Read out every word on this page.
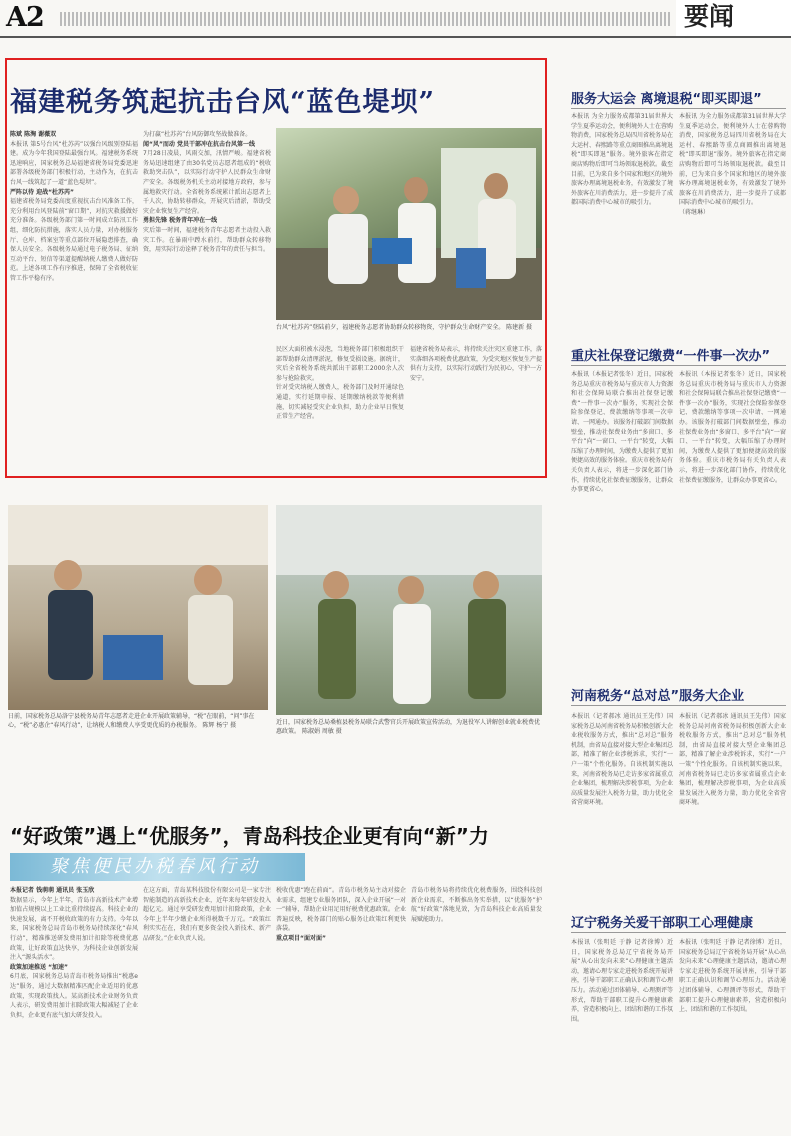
A2	要闻
福建税务筑起抗击台风“蓝色堤坝”
陈斌 陈淘 谢薇双
本报讯 第5号台风“杜苏芮”以强台风级别登陆福建。成为今年我国登陆最强台风。福建税务系统迅速响应，国家税务总局福建省税务局党委迅速部署各级税务部门积极行动，主动作为，在抗击台风一线筑起了一道“蓝色堤坝”。
严阵以待 迎战“杜苏芮”
福建省税务局党委高度重视抗击台风准备工作，充分利用台风登陆前“窗口期”，对抗灾救援做好充分准备。各级税务部门第一时间成立防汛工作组，细化防抗措施，落实人员力量，对办税服务厅、仓库、档案室等重点部位开展隐患排查，确保人员安全。各级税务局通过电子税务局、征纳互动平台、短信等渠道提醒纳税人缴费人做好防范。上述各项工作有序推进，保障了全省税收征管工作平稳有序。
为打赢“杜苏芮”台风防御攻坚战做准备。
闻“风”而动 党员干部冲在抗击台风第一线
7月28日凌晨，风雨交加，汛情严峻。福建省税务局迅速组建了由30名党员志愿者组成的“税收救助突击队”，以实际行动守护人民群众生命财产安全。各级税务机关主动对接地方政府，参与属地救灾行动。全省税务系统累计派出志愿者上千人次，协助转移群众，开展灾后清淤，帮助受灾企业恢复生产经营。
勇担先锋 税务青年冲在一线
灾后第一时间，福建税务青年志愿者主动投入救灾工作。在暴雨中蹚水前行，帮助群众转移物资，用实际行动诠释了税务青年的责任与担当。
台风“杜苏芮”登陆前夕，福建税务志愿者协助群众转移物资，守护群众生命财产安全。 陈建新 摄
民区大面积被水浸泡，当地税务部门积极组织干部帮助群众清理淤泥，修复受损设施。据统计，灾后全省税务系统共派出干部职工2000余人次参与抢险救灾。
针对受灾纳税人缴费人，税务部门及时开通绿色通道，实行延期申报、延期缴纳税款等便利措施，切实减轻受灾企业负担，助力企业早日恢复正常生产经营。
福建省税务局表示，将持续关注灾区重建工作，落实落细各项税费优惠政策，为受灾地区恢复生产提供有力支持，以实际行动践行为民初心，守护一方安宁。
服务大运会 离境退税“即买即退”
本报讯 为全力服务成都第31届世界大学生夏季运动会，便利境外人士在蓉购物消费，国家税务总局四川省税务局在大运村、春熙路等重点商圈推出离境退税“即买即退”服务。境外旅客在指定商店购物后即可当场领取退税款。截至目前，已为来自多个国家和地区的境外旅客办理离境退税业务，有效激发了境外旅客在川消费活力，进一步提升了成都国际消费中心城市的吸引力。
本报讯 为全力服务成都第31届世界大学生夏季运动会，便利境外人士在蓉购物消费，国家税务总局四川省税务局在大运村、春熙路等重点商圈推出离境退税“即买即退”服务。境外旅客在指定商店购物后即可当场领取退税款。截至目前，已为来自多个国家和地区的境外旅客办理离境退税业务，有效激发了境外旅客在川消费活力，进一步提升了成都国际消费中心城市的吸引力。
（蒋继琳）
重庆社保登记缴费“一件事一次办”
本报讯（本报记者张冬）近日，国家税务总局重庆市税务局与重庆市人力资源和社会保障局联合推出社保登记缴费“一件事一次办”服务，实现社会保险参保登记、费款缴纳等事项一次申请、一网通办。该服务打破部门间数据壁垒，推动社保费业务由“多窗口、多平台”向“一窗口、一平台”转变，大幅压缩了办理时间，为缴费人提供了更加便捷高效的服务体验。重庆市税务局有关负责人表示，将进一步深化部门协作，持续优化社保费征缴服务，让群众办事更省心。
本报讯（本报记者张冬）近日，国家税务总局重庆市税务局与重庆市人力资源和社会保障局联合推出社保登记缴费“一件事一次办”服务，实现社会保险参保登记、费款缴纳等事项一次申请、一网通办。该服务打破部门间数据壁垒，推动社保费业务由“多窗口、多平台”向“一窗口、一平台”转变，大幅压缩了办理时间，为缴费人提供了更加便捷高效的服务体验。重庆市税务局有关负责人表示，将进一步深化部门协作，持续优化社保费征缴服务，让群众办事更省心。
日前，国家税务总局洛宁县税务局青年志愿者走进企业开展政策辅导，“税”在眼前，“问”事在心，“税”必惠企“春风行动”，让纳税人和缴费人享受更优质的办税服务。 陈辉 杨宁 摄	近日，国家税务总局桑植县税务局联合武警官兵开展政策宣传活动，为退役军人讲解创业就业税费优惠政策。 陈淑娟 周敏 摄
河南税务“总对总”服务大企业
本报讯（记者郝冰 通讯员王先伟）国家税务总局河南省税务局积极创新大企业税收服务方式，推出“总对总”服务机制，由省局直接对接大型企业集团总部，精准了解企业涉税诉求，实行“一户一策”个性化服务。自该机制实施以来，河南省税务局已走访多家省属重点企业集团，梳理解决涉税事项，为企业高质量发展注入税务力量，助力优化全省营商环境。
本报讯（记者郝冰 通讯员王先伟）国家税务总局河南省税务局积极创新大企业税收服务方式，推出“总对总”服务机制，由省局直接对接大型企业集团总部，精准了解企业涉税诉求，实行“一户一策”个性化服务。自该机制实施以来，河南省税务局已走访多家省属重点企业集团，梳理解决涉税事项，为企业高质量发展注入税务力量，助力优化全省营商环境。
“好政策”遇上“优服务”，青岛科技企业更有向“新”力
聚焦便民办税春风行动
本报记者 钱萌萌 通讯员 张玉欣
数据显示，今年上半年，青岛市高新技术产业增加值占规模以上工业比重持续提高。科技企业的快速发展，离不开税收政策的有力支持。今年以来，国家税务总局青岛市税务局持续深化“春风行动”，精准推送研发费用加计扣除等税费优惠政策，让好政策直达快享，为科技企业创新发展注入“源头活水”。
政策加速推送 “加速”
6月底，国家税务总局青岛市税务局推出“税惠e达”服务，通过大数据精准匹配企业适用的优惠政策，实现政策找人。某高新技术企业财务负责人表示，研发费用加计扣除政策大幅减轻了企业负担，企业更有底气加大研发投入。
在这方面，青岛某科技股份有限公司是一家专注智能制造的高新技术企业，近年来每年研发投入超亿元。通过享受研发费用加计扣除政策，企业今年上半年少缴企业所得税数千万元。“政策红利实实在在，我们有更多资金投入新技术、新产品研发。”企业负责人说。
税收优惠“跑在前面”。青岛市税务局主动对接企业需求，组建专业服务团队，深入企业开展“一对一”辅导，帮助企业用足用好税费优惠政策。企业普遍反映，税务部门的贴心服务让政策红利更快落袋。
重点项目“面对面”
青岛市税务局将持续优化税费服务，围绕科技创新企业需求，不断推出务实举措，以“优服务”护航“好政策”落地见效，为青岛科技企业高质量发展赋能助力。	辽宁税务关爱干部职工心理健康
本报讯（张明廷 于静 记者徐博）近日，国家税务总局辽宁省税务局开展“从心出发向未来”心理健康主题活动，邀请心理专家走进税务系统开展讲座，引导干部职工正确认识和调节心理压力。活动通过团体辅导、心理测评等形式，帮助干部职工提升心理健康素养，营造积极向上、团结和谐的工作氛围。
本报讯（张明廷 于静 记者徐博）近日，国家税务总局辽宁省税务局开展“从心出发向未来”心理健康主题活动，邀请心理专家走进税务系统开展讲座，引导干部职工正确认识和调节心理压力。活动通过团体辅导、心理测评等形式，帮助干部职工提升心理健康素养，营造积极向上、团结和谐的工作氛围。
